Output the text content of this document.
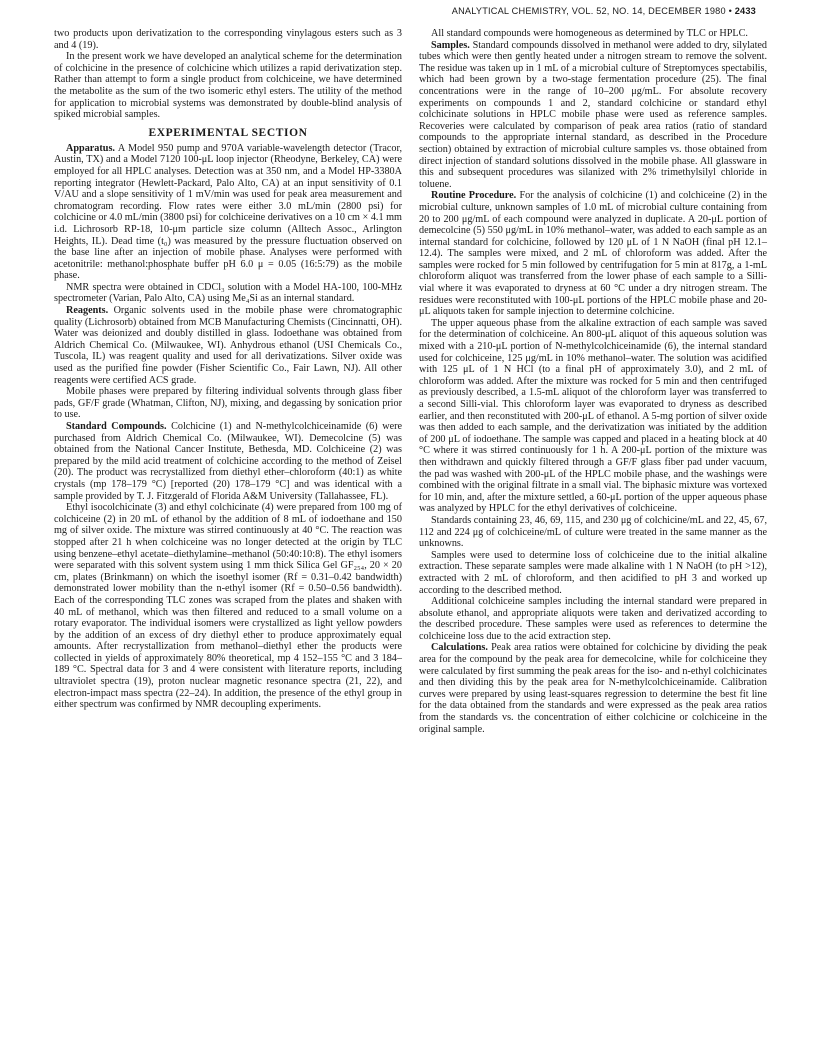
ANALYTICAL CHEMISTRY, VOL. 52, NO. 14, DECEMBER 1980 • 2433

two products upon derivatization to the corresponding vinylagous esters such as 3 and 4 (19).

In the present work we have developed an analytical scheme for the determination of colchicine in the presence of colchicine which utilizes a rapid derivatization step. Rather than attempt to form a single product from colchiceine, we have determined the metabolite as the sum of the two isomeric ethyl esters. The utility of the method for application to microbial systems was demonstrated by double-blind analysis of spiked microbial samples.

EXPERIMENTAL SECTION

Apparatus. A Model 950 pump and 970A variable-wavelength detector (Tracor, Austin, TX) and a Model 7120 100-μL loop injector (Rheodyne, Berkeley, CA) were employed for all HPLC analyses. Detection was at 350 nm, and a Model HP-3380A reporting integrator (Hewlett-Packard, Palo Alto, CA) at an input sensitivity of 0.1 V/AU and a slope sensitivity of 1 mV/min was used for peak area measurement and chromatogram recording. Flow rates were either 3.0 mL/min (2800 psi) for colchicine or 4.0 mL/min (3800 psi) for colchiceine derivatives on a 10 cm × 4.1 mm i.d. Lichrosorb RP-18, 10-μm particle size column (Alltech Assoc., Arlington Heights, IL). Dead time (t₀) was measured by the pressure fluctuation observed on the base line after an injection of mobile phase. Analyses were performed with acetonitrile: methanol:phosphate buffer pH 6.0 μ = 0.05 (16:5:79) as the mobile phase.

NMR spectra were obtained in CDCl₃ solution with a Model HA-100, 100-MHz spectrometer (Varian, Palo Alto, CA) using Me₄Si as an internal standard.

Reagents. Organic solvents used in the mobile phase were chromatographic quality (Lichrosorb) obtained from MCB Manufacturing Chemists (Cincinnatti, OH). Water was deionized and doubly distilled in glass. Iodoethane was obtained from Aldrich Chemical Co. (Milwaukee, WI). Anhydrous ethanol (USI Chemicals Co., Tuscola, IL) was reagent quality and used for all derivatizations. Silver oxide was used as the purified fine powder (Fisher Scientific Co., Fair Lawn, NJ). All other reagents were certified ACS grade.

Mobile phases were prepared by filtering individual solvents through glass fiber pads, GF/F grade (Whatman, Clifton, NJ), mixing, and degassing by sonication prior to use.

Standard Compounds. Colchicine (1) and N-methylcolchiceinamide (6) were purchased from Aldrich Chemical Co. (Milwaukee, WI). Demecolcine (5) was obtained from the National Cancer Institute, Bethesda, MD. Colchiceine (2) was prepared by the mild acid treatment of colchicine according to the method of Zeisel (20). The product was recrystallized from diethyl ether–chloroform (40:1) as white crystals (mp 178–179 °C) [reported (20) 178–179 °C] and was identical with a sample provided by T. J. Fitzgerald of Florida A&M University (Tallahassee, FL).

Ethyl isocolchicinate (3) and ethyl colchicinate (4) were prepared from 100 mg of colchiceine (2) in 20 mL of ethanol by the addition of 8 mL of iodoethane and 150 mg of silver oxide. The mixture was stirred continuously at 40 °C. The reaction was stopped after 21 h when colchiceine was no longer detected at the origin by TLC using benzene–ethyl acetate–diethylamine–methanol (50:40:10:8). The ethyl isomers were separated with this solvent system using 1 mm thick Silica Gel GF₂₅₄, 20 × 20 cm, plates (Brinkmann) on which the isoethyl isomer (Rf = 0.31–0.42 bandwidth) demonstrated lower mobility than the n-ethyl isomer (Rf = 0.50–0.56 bandwidth). Each of the corresponding TLC zones was scraped from the plates and shaken with 40 mL of methanol, which was then filtered and reduced to a small volume on a rotary evaporator. The individual isomers were crystallized as light yellow powders by the addition of an excess of dry diethyl ether to produce approximately equal amounts. After recrystallization from methanol–diethyl ether the products were collected in yields of approximately 80% theoretical, mp 4 152–155 °C and 3 184–189 °C. Spectral data for 3 and 4 were consistent with literature reports, including ultraviolet spectra (19), proton nuclear magnetic resonance spectra (21, 22), and electron-impact mass spectra (22–24). In addition, the presence of the ethyl group in either spectrum was confirmed by NMR decoupling experiments.

All standard compounds were homogeneous as determined by TLC or HPLC.

Samples. Standard compounds dissolved in methanol were added to dry, silylated tubes which were then gently heated under a nitrogen stream to remove the solvent. The residue was taken up in 1 mL of a microbial culture of Streptomyces spectabilis, which had been grown by a two-stage fermentation procedure (25). The final concentrations were in the range of 10–200 μg/mL. For absolute recovery experiments on compounds 1 and 2, standard colchicine or standard ethyl colchicinate solutions in HPLC mobile phase were used as reference samples. Recoveries were calculated by comparison of peak area ratios (ratio of standard compounds to the appropriate internal standard, as described in the Procedure section) obtained by extraction of microbial culture samples vs. those obtained from direct injection of standard solutions dissolved in the mobile phase. All glassware in this and subsequent procedures was silanized with 2% trimethylsilyl chloride in toluene.

Routine Procedure. For the analysis of colchicine (1) and colchiceine (2) in the microbial culture, unknown samples of 1.0 mL of microbial culture containing from 20 to 200 μg/mL of each compound were analyzed in duplicate. A 20-μL portion of demecolcine (5) 550 μg/mL in 10% methanol–water, was added to each sample as an internal standard for colchicine, followed by 120 μL of 1 N NaOH (final pH 12.1–12.4). The samples were mixed, and 2 mL of chloroform was added. After the samples were rocked for 5 min followed by centrifugation for 5 min at 817g, a 1-mL chloroform aliquot was transferred from the lower phase of each sample to a Silli-vial where it was evaporated to dryness at 60 °C under a dry nitrogen stream. The residues were reconstituted with 100-μL portions of the HPLC mobile phase and 20-μL aliquots taken for sample injection to determine colchicine.

The upper aqueous phase from the alkaline extraction of each sample was saved for the determination of colchiceine. An 800-μL aliquot of this aqueous solution was mixed with a 210-μL portion of N-methylcolchiceinamide (6), the internal standard used for colchiceine, 125 μg/mL in 10% methanol–water. The solution was acidified with 125 μL of 1 N HCl (to a final pH of approximately 3.0), and 2 mL of chloroform was added. After the mixture was rocked for 5 min and then centrifuged as previously described, a 1.5-mL aliquot of the chloroform layer was transferred to a second Silli-vial. This chloroform layer was evaporated to dryness as described earlier, and then reconstituted with 200-μL of ethanol. A 5-mg portion of silver oxide was then added to each sample, and the derivatization was initiated by the addition of 200 μL of iodoethane. The sample was capped and placed in a heating block at 40 °C where it was stirred continuously for 1 h. A 200-μL portion of the mixture was then withdrawn and quickly filtered through a GF/F glass fiber pad under vacuum, the pad was washed with 200-μL of the HPLC mobile phase, and the washings were combined with the original filtrate in a small vial. The biphasic mixture was vortexed for 10 min, and, after the mixture settled, a 60-μL portion of the upper aqueous phase was analyzed by HPLC for the ethyl derivatives of colchiceine.

Standards containing 23, 46, 69, 115, and 230 μg of colchicine/mL and 22, 45, 67, 112 and 224 μg of colchiceine/mL of culture were treated in the same manner as the unknowns.

Samples were used to determine loss of colchiceine due to the initial alkaline extraction. These separate samples were made alkaline with 1 N NaOH (to pH >12), extracted with 2 mL of chloroform, and then acidified to pH 3 and worked up according to the described method.

Additional colchiceine samples including the internal standard were prepared in absolute ethanol, and appropriate aliquots were taken and derivatized according to the described procedure. These samples were used as references to determine the colchiceine loss due to the acid extraction step.

Calculations. Peak area ratios were obtained for colchicine by dividing the peak area for the compound by the peak area for demecolcine, while for colchiceine they were calculated by first summing the peak areas for the iso- and n-ethyl colchicinates and then dividing this by the peak area for N-methylcolchiceinamide. Calibration curves were prepared by using least-squares regression to determine the best fit line for the data obtained from the standards and were expressed as the peak area ratios from the standards vs. the concentration of either colchicine or colchiceine in the original sample.
